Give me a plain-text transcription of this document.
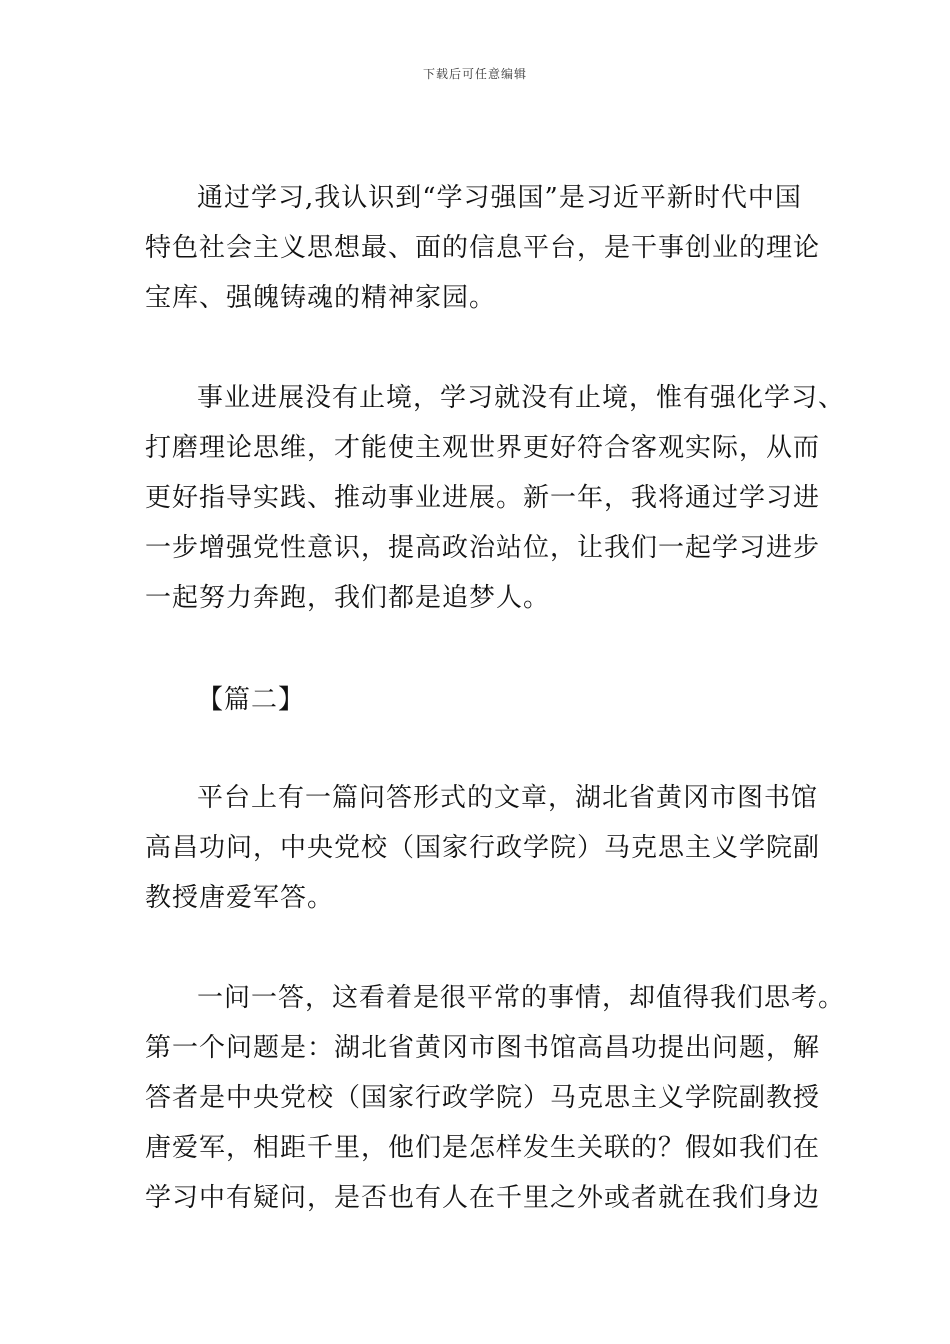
下载后可任意编辑
通过学习,我认识到“学习强国”是习近平新时代中国
特色社会主义思想最、面的信息平台，是干事创业的理论
宝库、强魄铸魂的精神家园。
事业进展没有止境，学习就没有止境，惟有强化学习、
打磨理论思维，才能使主观世界更好符合客观实际，从而
更好指导实践、推动事业进展。新一年，我将通过学习进
一步增强党性意识，提高政治站位，让我们一起学习进步
一起努力奔跑，我们都是追梦人。
【篇二】
平台上有一篇问答形式的文章，湖北省黄冈市图书馆
高昌功问，中央党校（国家行政学院）马克思主义学院副
教授唐爱军答。
一问一答，这看着是很平常的事情，却值得我们思考。
第一个问题是：湖北省黄冈市图书馆高昌功提出问题，解
答者是中央党校（国家行政学院）马克思主义学院副教授
唐爱军，相距千里，他们是怎样发生关联的？假如我们在
学习中有疑问，是否也有人在千里之外或者就在我们身边
